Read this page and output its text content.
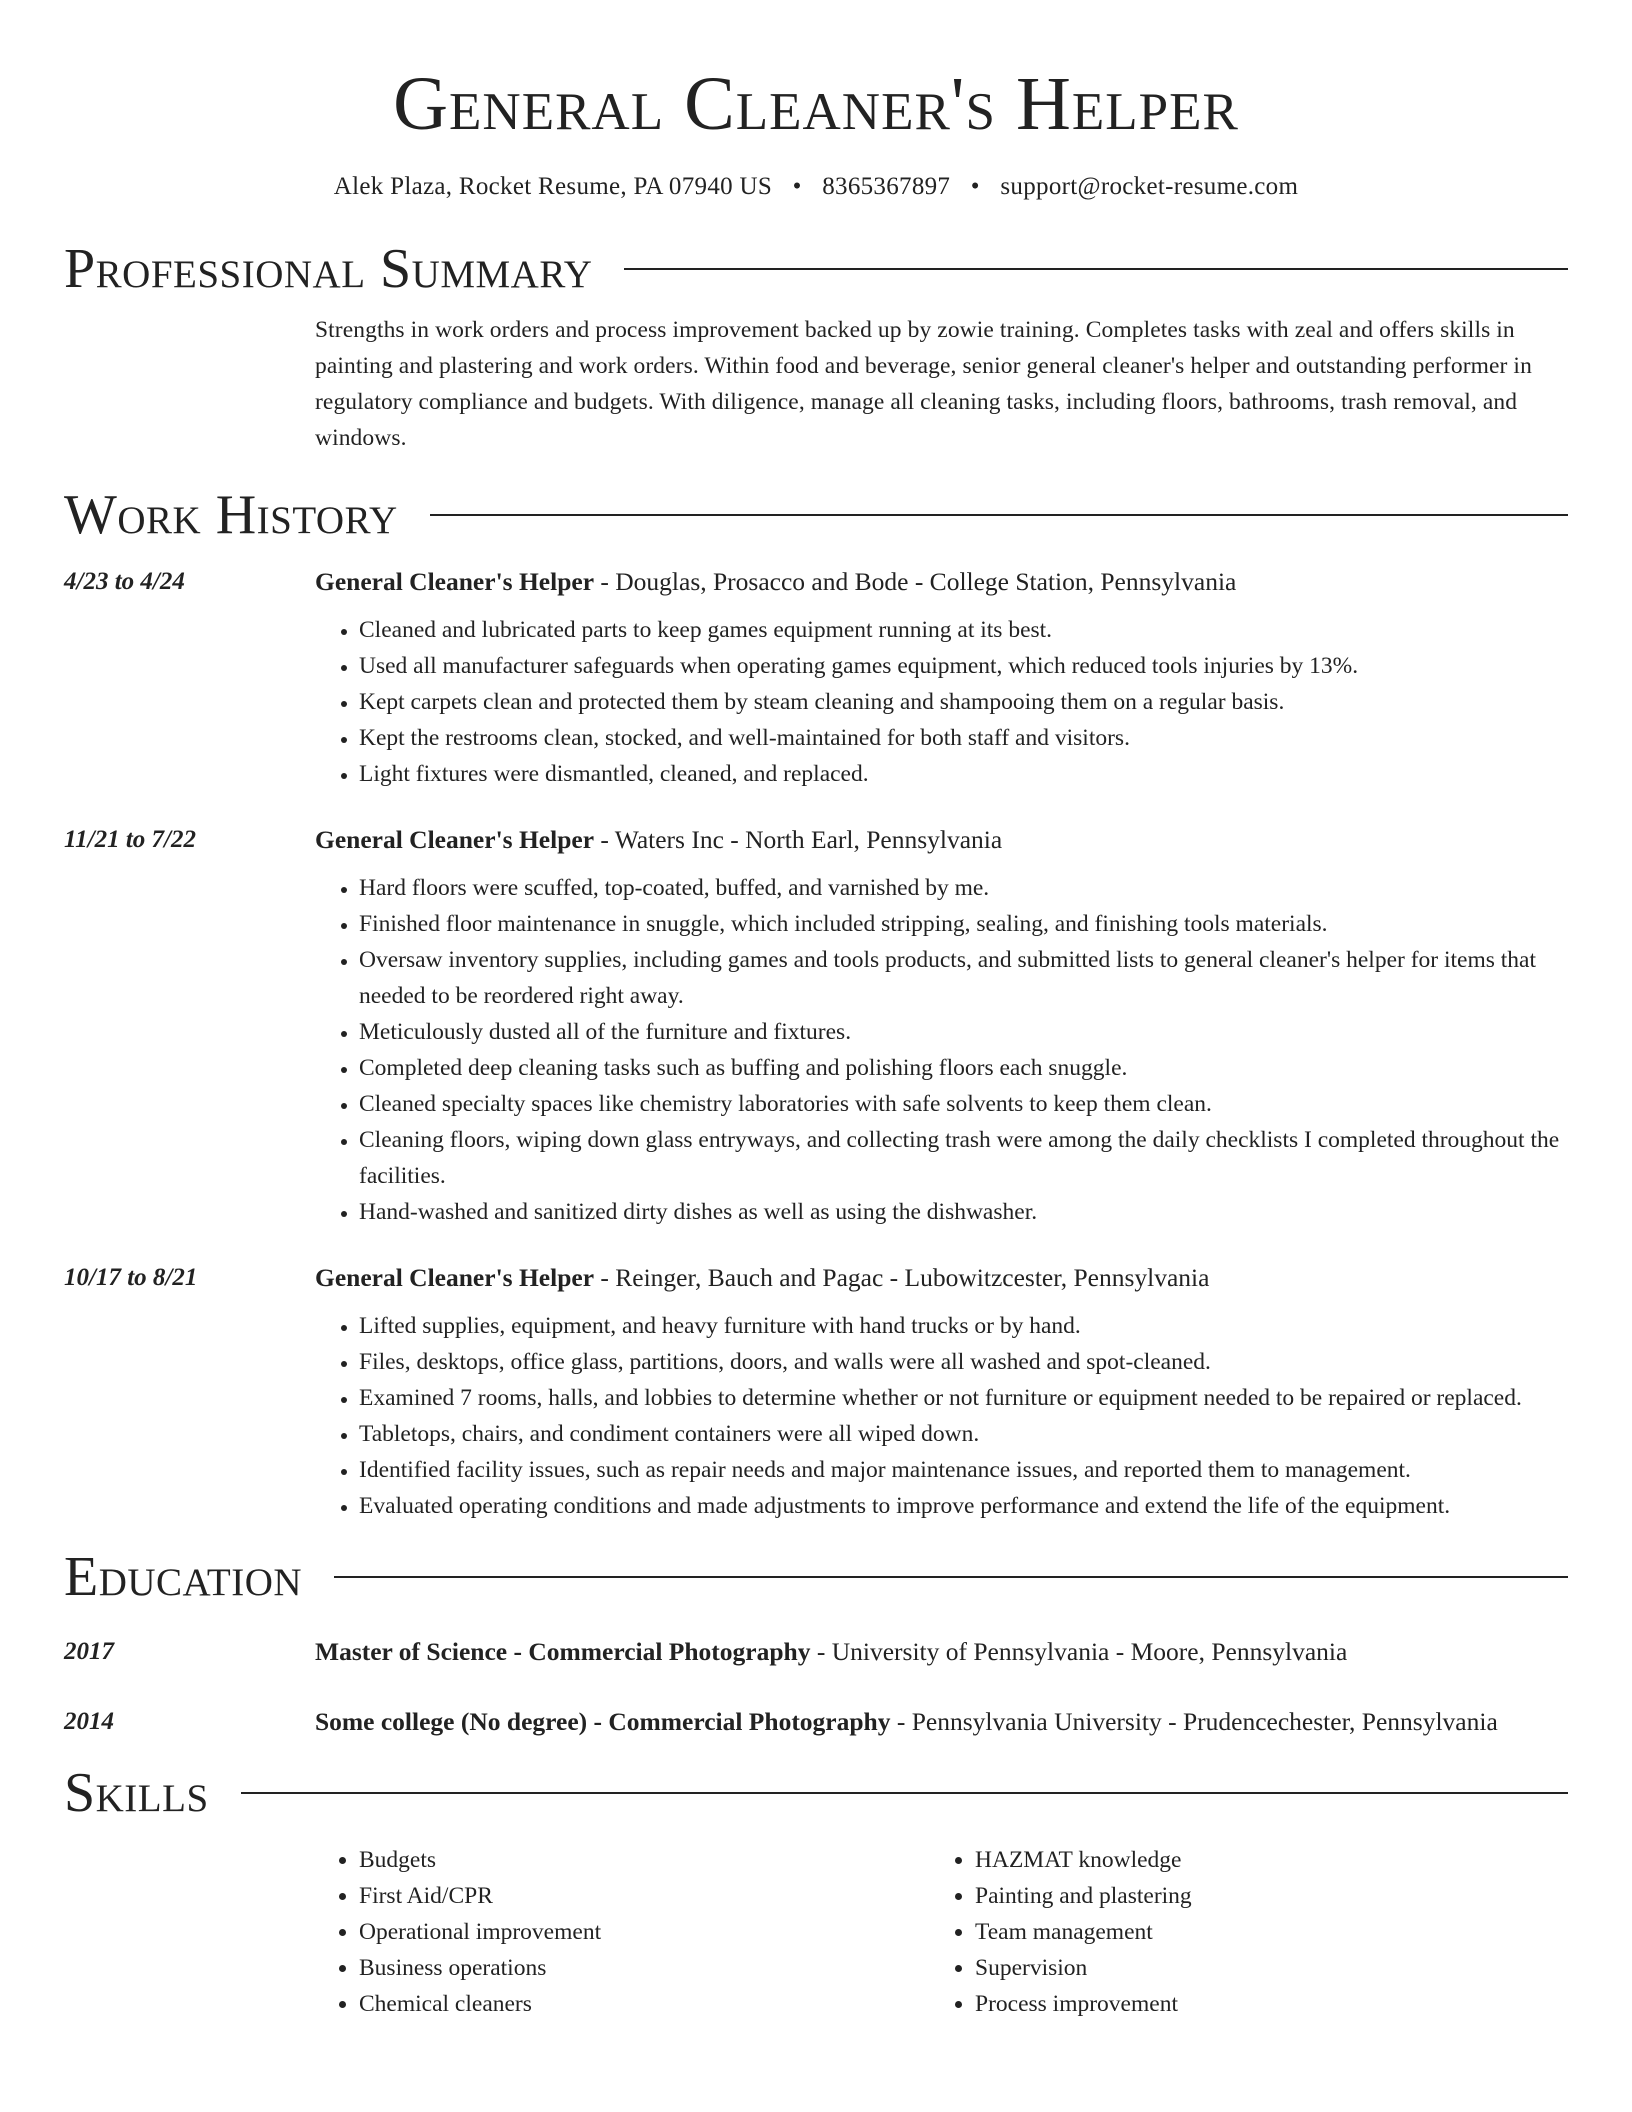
General Cleaner's Helper
Alek Plaza, Rocket Resume, PA 07940 US • 8365367897 • support@rocket-resume.com
Professional Summary
Strengths in work orders and process improvement backed up by zowie training. Completes tasks with zeal and offers skills in painting and plastering and work orders. Within food and beverage, senior general cleaner's helper and outstanding performer in regulatory compliance and budgets. With diligence, manage all cleaning tasks, including floors, bathrooms, trash removal, and windows.
Work History
4/23 to 4/24	General Cleaner's Helper - Douglas, Prosacco and Bode - College Station, Pennsylvania
• Cleaned and lubricated parts to keep games equipment running at its best.
• Used all manufacturer safeguards when operating games equipment, which reduced tools injuries by 13%.
• Kept carpets clean and protected them by steam cleaning and shampooing them on a regular basis.
• Kept the restrooms clean, stocked, and well-maintained for both staff and visitors.
• Light fixtures were dismantled, cleaned, and replaced.
11/21 to 7/22	General Cleaner's Helper - Waters Inc - North Earl, Pennsylvania
• Hard floors were scuffed, top-coated, buffed, and varnished by me.
• Finished floor maintenance in snuggle, which included stripping, sealing, and finishing tools materials.
• Oversaw inventory supplies, including games and tools products, and submitted lists to general cleaner's helper for items that needed to be reordered right away.
• Meticulously dusted all of the furniture and fixtures.
• Completed deep cleaning tasks such as buffing and polishing floors each snuggle.
• Cleaned specialty spaces like chemistry laboratories with safe solvents to keep them clean.
• Cleaning floors, wiping down glass entryways, and collecting trash were among the daily checklists I completed throughout the facilities.
• Hand-washed and sanitized dirty dishes as well as using the dishwasher.
10/17 to 8/21	General Cleaner's Helper - Reinger, Bauch and Pagac - Lubowitzcester, Pennsylvania
• Lifted supplies, equipment, and heavy furniture with hand trucks or by hand.
• Files, desktops, office glass, partitions, doors, and walls were all washed and spot-cleaned.
• Examined 7 rooms, halls, and lobbies to determine whether or not furniture or equipment needed to be repaired or replaced.
• Tabletops, chairs, and condiment containers were all wiped down.
• Identified facility issues, such as repair needs and major maintenance issues, and reported them to management.
• Evaluated operating conditions and made adjustments to improve performance and extend the life of the equipment.
Education
2017	Master of Science - Commercial Photography - University of Pennsylvania - Moore, Pennsylvania
2014	Some college (No degree) - Commercial Photography - Pennsylvania University - Prudencechester, Pennsylvania
Skills
• Budgets
• First Aid/CPR
• Operational improvement
• Business operations
• Chemical cleaners
• HAZMAT knowledge
• Painting and plastering
• Team management
• Supervision
• Process improvement
